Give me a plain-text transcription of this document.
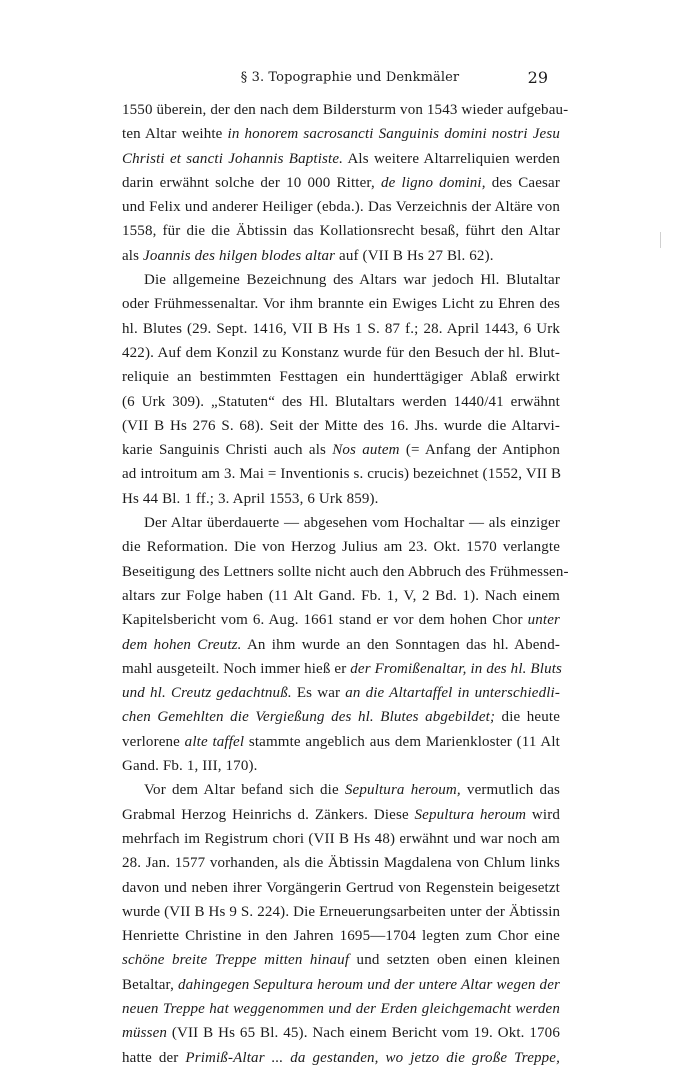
§ 3. Topographie und Denkmäler	29

1550 überein, der den nach dem Bildersturm von 1543 wieder aufgebau-
ten Altar weihte in honorem sacrosancti Sanguinis domini nostri Jesu
Christi et sancti Johannis Baptiste. Als weitere Altarreliquien werden
darin erwähnt solche der 10 000 Ritter, de ligno domini, des Caesar
und Felix und anderer Heiliger (ebda.). Das Verzeichnis der Altäre von
1558, für die die Äbtissin das Kollationsrecht besaß, führt den Altar
als Joannis des hilgen blodes altar auf (VII B Hs 27 Bl. 62).

Die allgemeine Bezeichnung des Altars war jedoch Hl. Blutaltar
oder Frühmessenaltar. Vor ihm brannte ein Ewiges Licht zu Ehren des
hl. Blutes (29. Sept. 1416, VII B Hs 1 S. 87 f.; 28. April 1443, 6 Urk
422). Auf dem Konzil zu Konstanz wurde für den Besuch der hl. Blut-
reliquie an bestimmten Festtagen ein hunderttägiger Ablaß erwirkt
(6 Urk 309). „Statuten“ des Hl. Blutaltars werden 1440/41 erwähnt
(VII B Hs 276 S. 68). Seit der Mitte des 16. Jhs. wurde die Altarvi-
karie Sanguinis Christi auch als Nos autem (= Anfang der Antiphon
ad introitum am 3. Mai = Inventionis s. crucis) bezeichnet (1552, VII B
Hs 44 Bl. 1 ff.; 3. April 1553, 6 Urk 859).

Der Altar überdauerte — abgesehen vom Hochaltar — als einziger
die Reformation. Die von Herzog Julius am 23. Okt. 1570 verlangte
Beseitigung des Lettners sollte nicht auch den Abbruch des Frühmessen-
altars zur Folge haben (11 Alt Gand. Fb. 1, V, 2 Bd. 1). Nach einem
Kapitelsbericht vom 6. Aug. 1661 stand er vor dem hohen Chor unter
dem hohen Creutz. An ihm wurde an den Sonntagen das hl. Abend-
mahl ausgeteilt. Noch immer hieß er der Fromißenaltar, in des hl. Bluts
und hl. Creutz gedachtnuß. Es war an die Altartaffel in unterschiedli-
chen Gemehlten die Vergießung des hl. Blutes abgebildet; die heute
verlorene alte taffel stammte angeblich aus dem Marienkloster (11 Alt
Gand. Fb. 1, III, 170).

Vor dem Altar befand sich die Sepultura heroum, vermutlich das
Grabmal Herzog Heinrichs d. Zänkers. Diese Sepultura heroum wird
mehrfach im Registrum chori (VII B Hs 48) erwähnt und war noch am
28. Jan. 1577 vorhanden, als die Äbtissin Magdalena von Chlum links
davon und neben ihrer Vorgängerin Gertrud von Regenstein beigesetzt
wurde (VII B Hs 9 S. 224). Die Erneuerungsarbeiten unter der Äbtissin
Henriette Christine in den Jahren 1695—1704 legten zum Chor eine
schöne breite Treppe mitten hinauf und setzten oben einen kleinen
Betaltar, dahingegen Sepultura heroum und der untere Altar wegen der
neuen Treppe hat weggenommen und der Erden gleichgemacht werden
müssen (VII B Hs 65 Bl. 45). Nach einem Bericht vom 19. Okt. 1706
hatte der Primiß-Altar ... da gestanden, wo jetzo die große Treppe,
